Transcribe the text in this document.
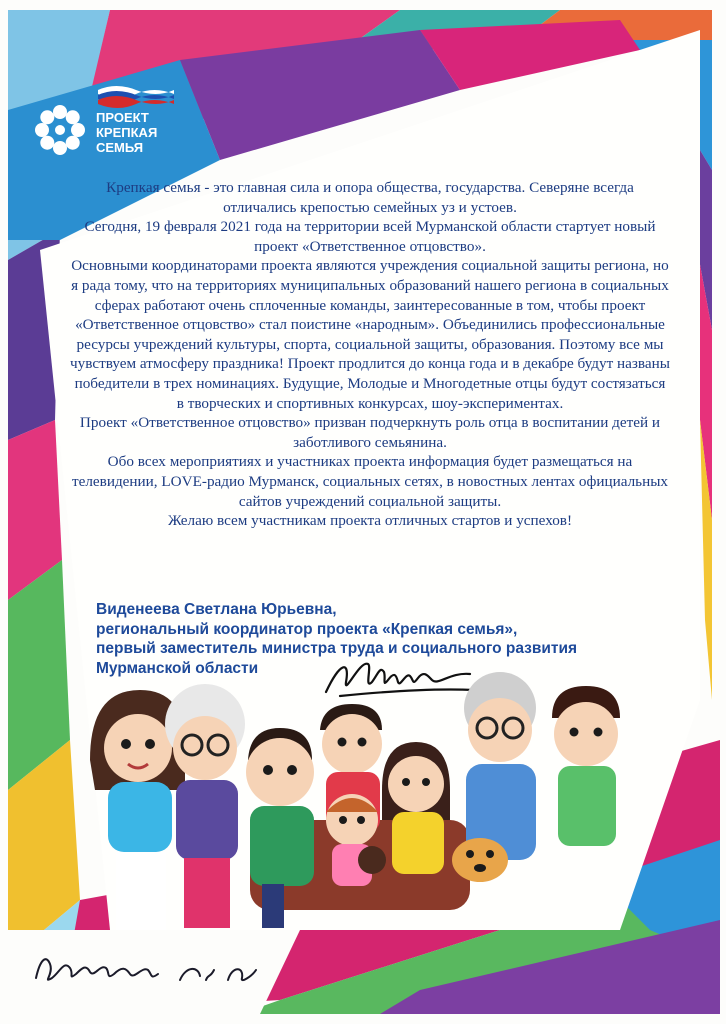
ПРОЕКТ
КРЕПКАЯ
СЕМЬЯ

Крепкая семья - это главная сила и опора общества, государства. Северяне всегда отличались крепостью семейных уз и устоев.

Сегодня, 19 февраля 2021 года на территории всей Мурманской области стартует новый проект «Ответственное отцовство».

Основными координаторами проекта являются учреждения социальной защиты региона, но я рада тому, что на территориях муниципальных образований нашего региона в социальных сферах работают очень сплоченные команды, заинтересованные в том, чтобы проект «Ответственное отцовство» стал поистине «народным». Объединились профессиональные ресурсы учреждений культуры, спорта, социальной защиты, образования. Поэтому все мы чувствуем атмосферу праздника! Проект продлится до конца года и в декабре будут названы победители в трех номинациях. Будущие, Молодые и Многодетные отцы будут состязаться в творческих и спортивных конкурсах, шоу-экспериментах.

Проект «Ответственное отцовство» призван подчеркнуть роль отца в воспитании детей и заботливого семьянина.

Обо всех мероприятиях и участниках проекта информация будет размещаться на телевидении, LOVE-радио Мурманск, социальных сетях, в новостных лентах официальных сайтов учреждений социальной защиты.

Желаю всем участникам проекта отличных стартов и успехов!

Виденеева Светлана Юрьевна,
региональный координатор проекта «Крепкая семья»,
первый заместитель министра труда и социального развития
Мурманской области
